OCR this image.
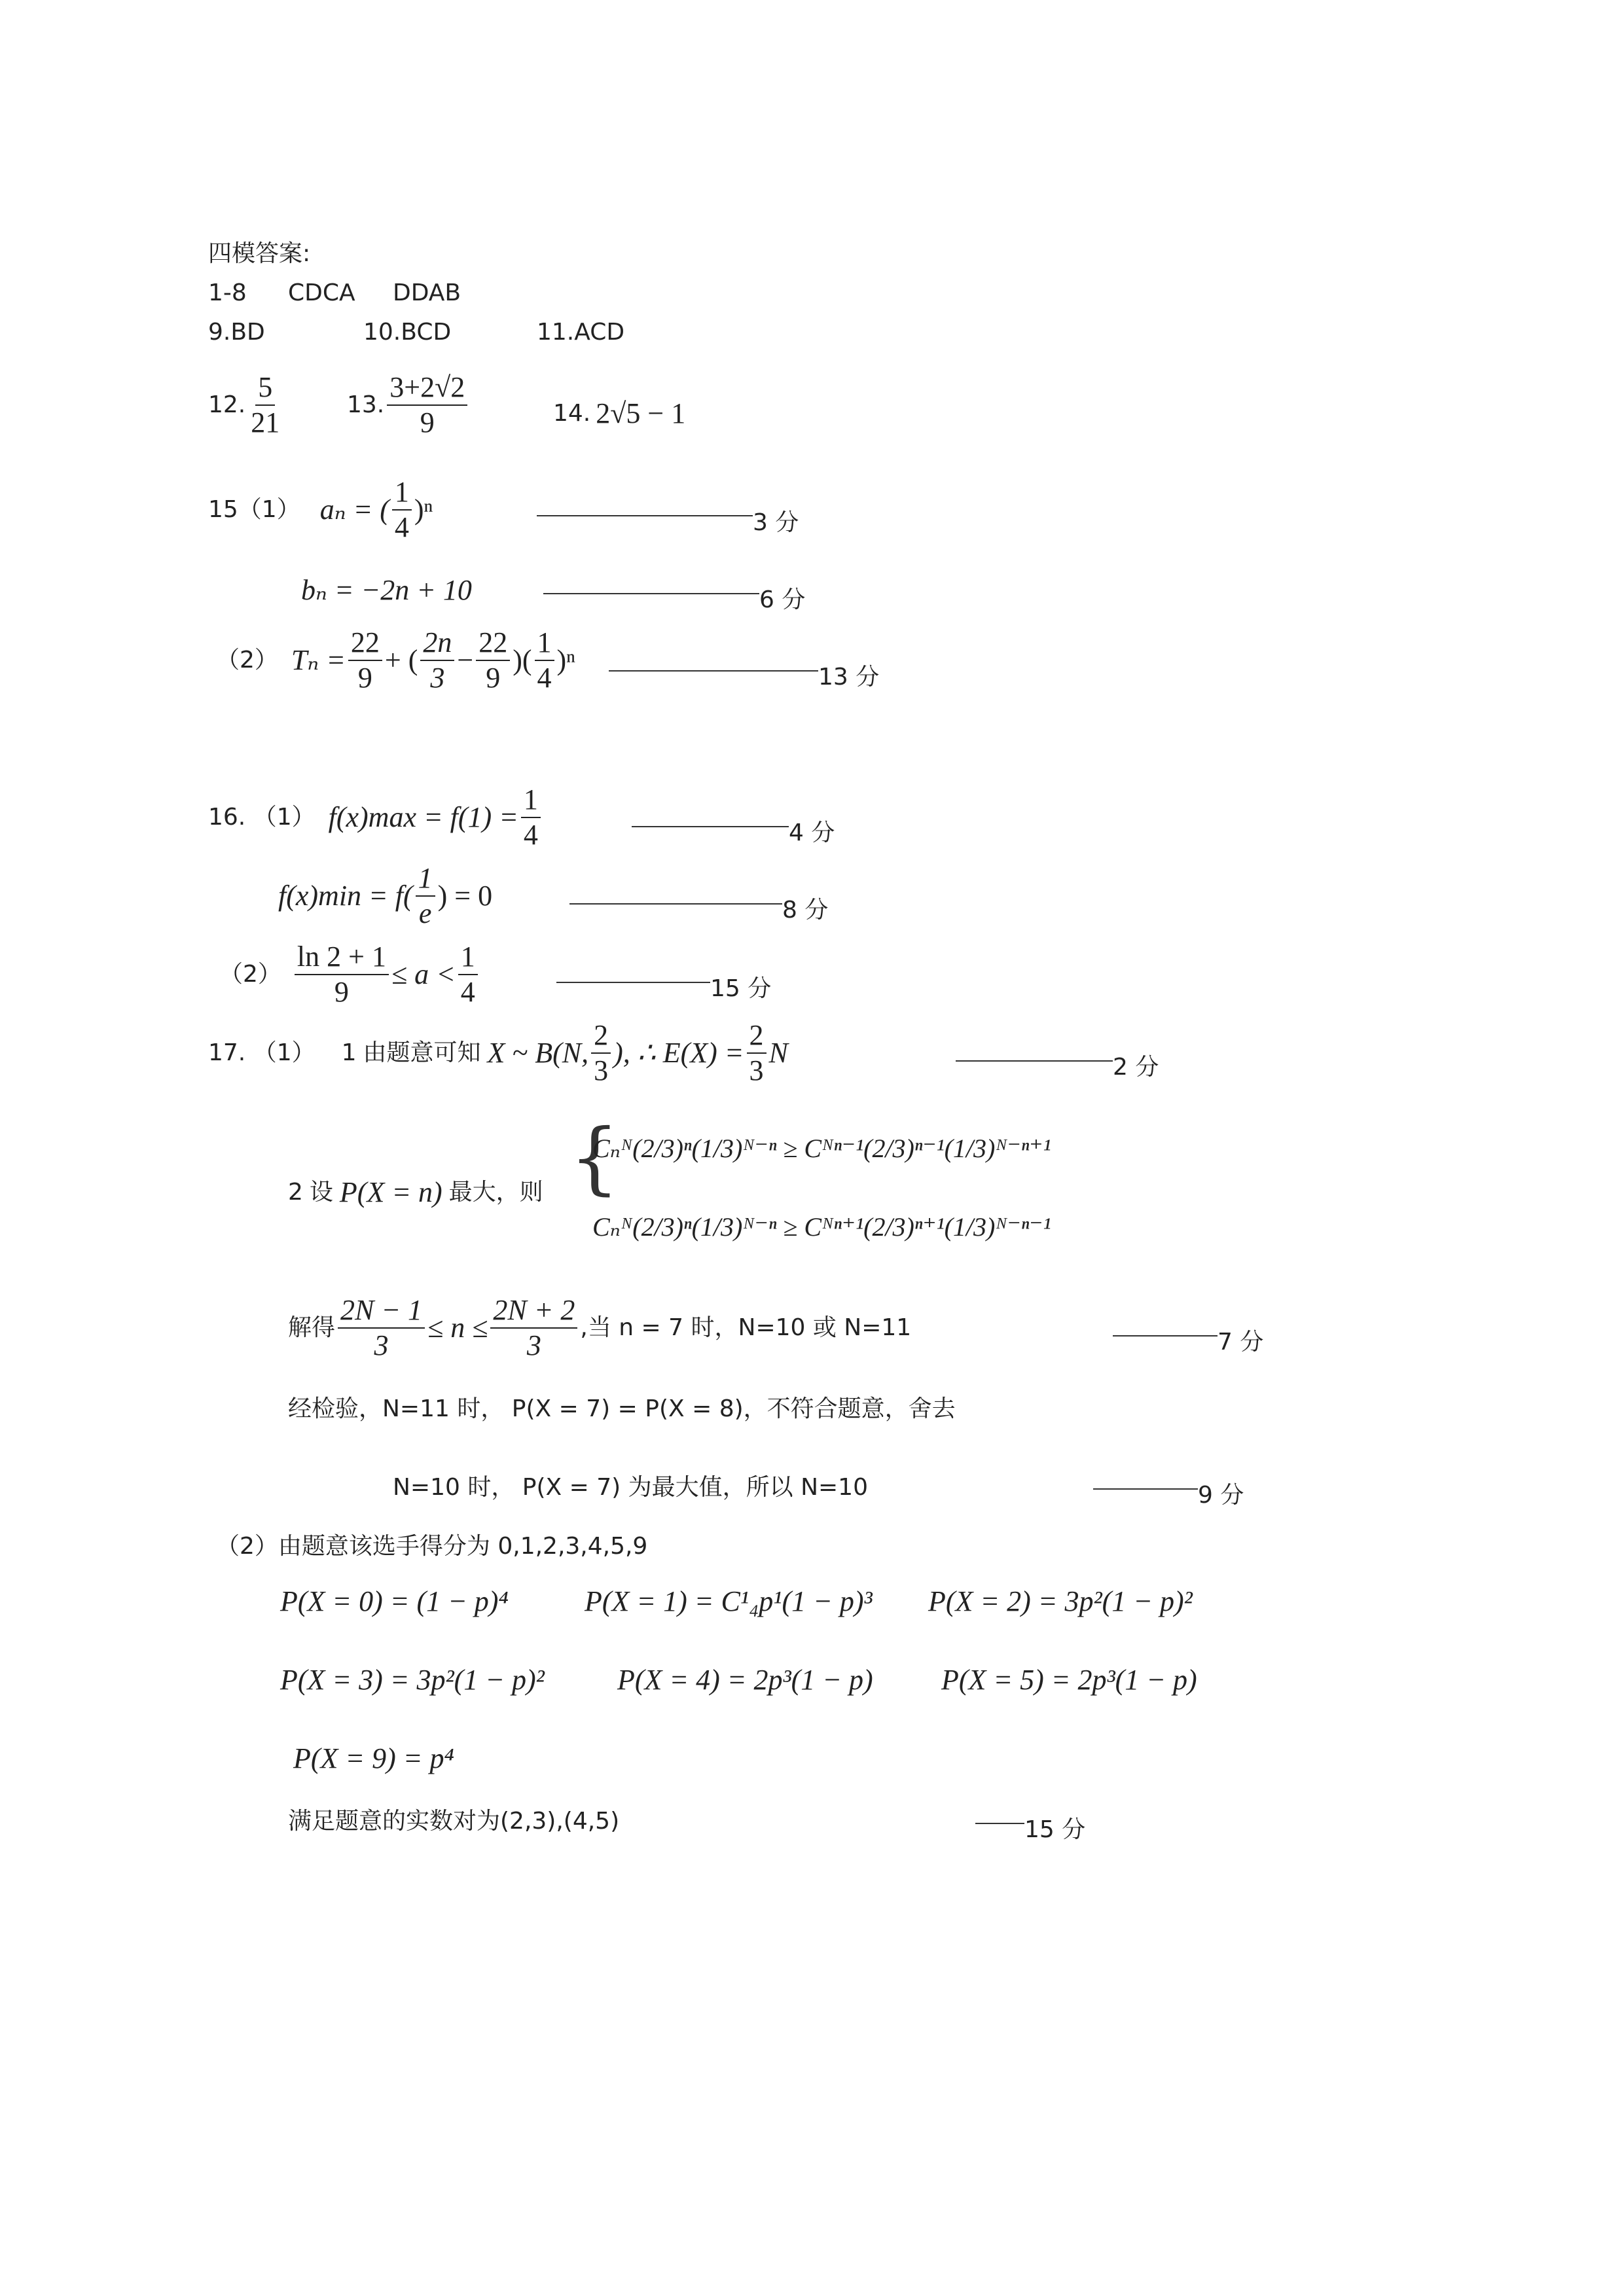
四模答案:
1-8 CDCA DDAB
9.BD	10.BCD	11.ACD
12. $\frac{5}{21}$	13. $\frac{3+2√2}{9}$	14. 2√5 − 1
15（1） aₙ = ( $\frac{1}{4} )^n$	3 分
bₙ = −2n + 10	6 分
（2） $T_n = \frac{22}{9}$ + ( $\frac{2n}{3} - \frac{22}{9}$ )( $\frac{1}{4} )^n$
13 分
16. （1） $f(x)\max = f(1) = \frac{1}{4}$	4 分
$f(x)\min = f( \frac{1}{e}$ ) = 0	8 分
$(2) \frac{\ln 2 + 1}{9} \le a < \frac{1}{4}$	15 分
17. （1） 1 由题意可知 X ~ B(N, $\frac{2}{3}$ ), ∴ $E(X) = \frac{2}{3}$ N	2 分
2 设 P(X = n) 最大，则 {
Cₙᴺ(2/3)ⁿ(1/3)ᴺ⁻ⁿ ≥ Cᴺⁿ⁻¹(2/3)ⁿ⁻¹(1/3)ᴺ⁻ⁿ⁺¹
Cₙᴺ(2/3)ⁿ(1/3)ᴺ⁻ⁿ ≥ Cᴺⁿ⁺¹(2/3)ⁿ⁺¹(1/3)ᴺ⁻ⁿ⁻¹
解得 $\frac{2N - 1}{3} \le n \le \frac{2N + 2}{3}$ ,当 n = 7 时，N=10 或 N=11
7 分
经检验，N=11 时， P(X = 7) = P(X = 8)，不符合题意，舍去
N=10 时， P(X = 7) 为最大值，所以 N=10	9 分
（2）由题意该选手得分为 0,1,2,3,4,5,9
P(X = 0) = (1 − p)⁴	P(X = 1) = C¹₄p¹(1 − p)³ P(X = 2) = 3p²(1 − p)²
P(X = 3) = 3p²(1 − p)²	P(X = 4) = 2p³(1 − p) P(X = 5) = 2p³(1 − p)
P(X = 9) = p⁴
满足题意的实数对为(2,3),(4,5)	15 分
